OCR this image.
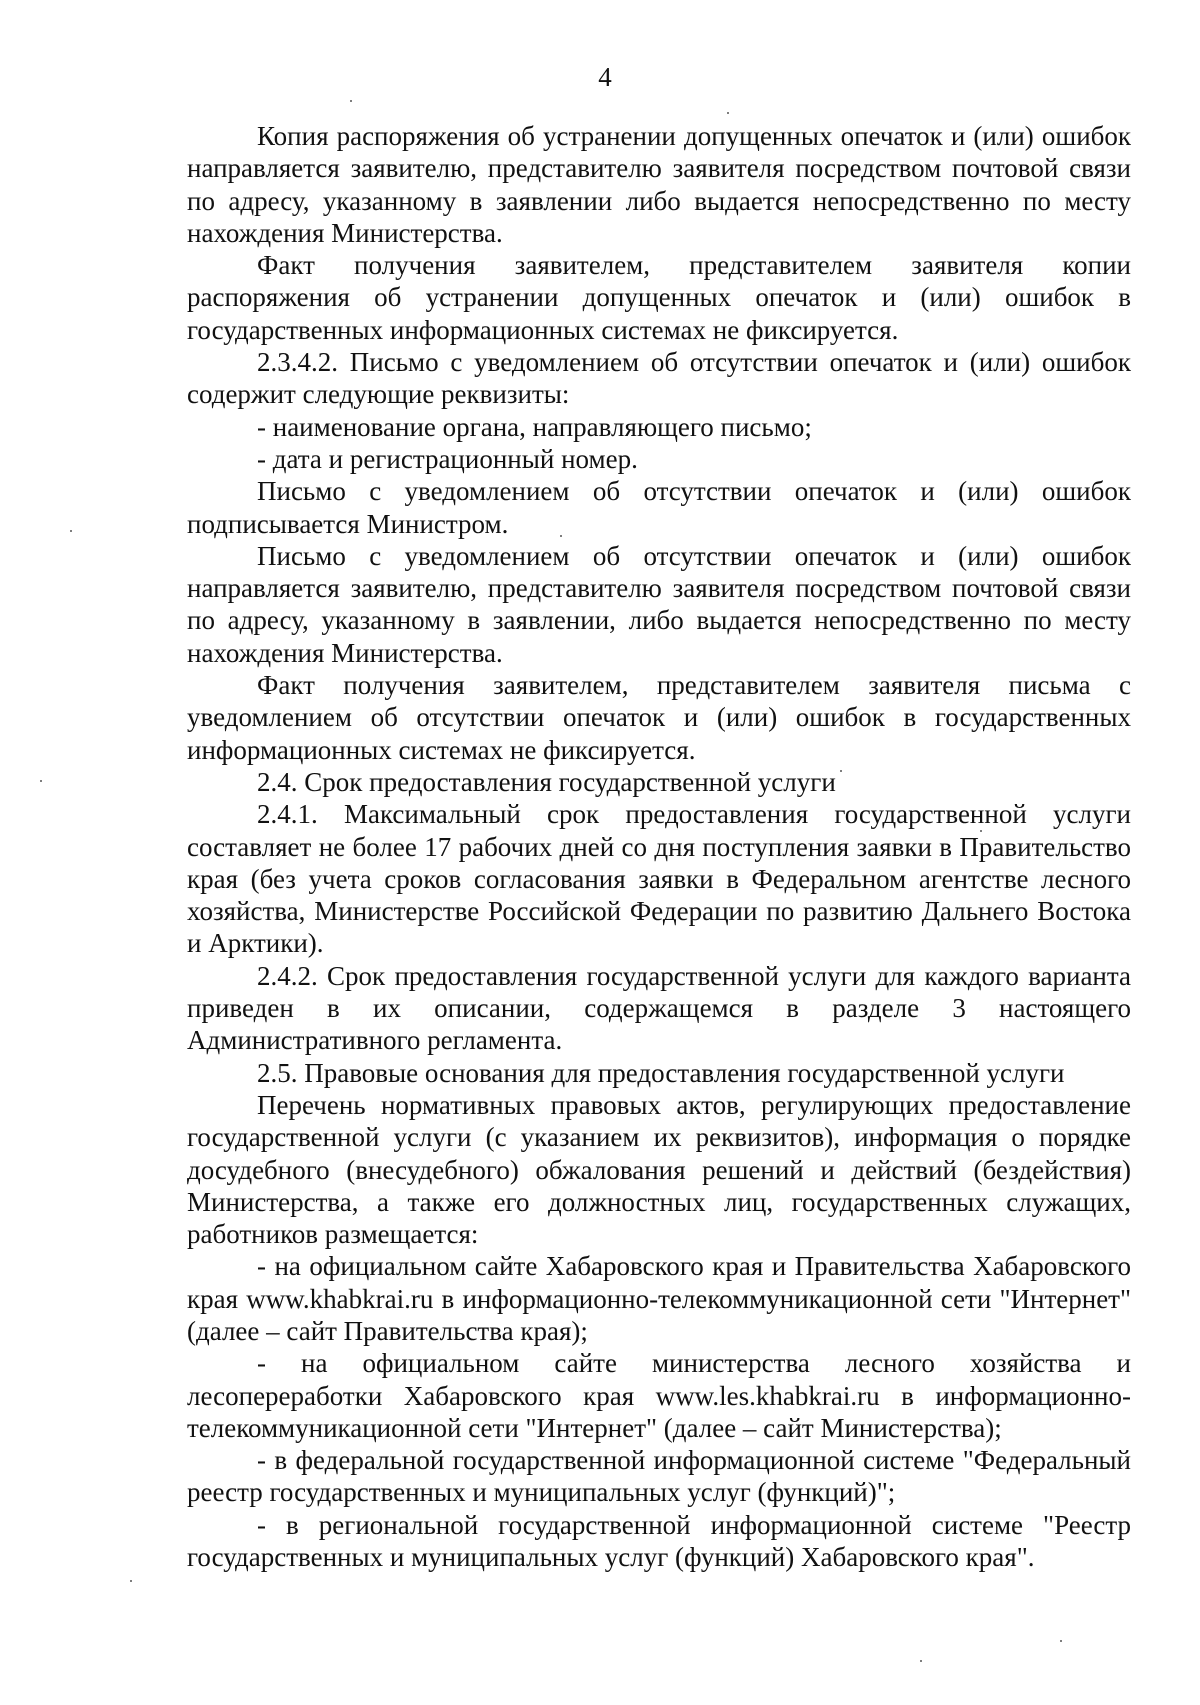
4

Копия распоряжения об устранении допущенных опечаток и (или) ошибок направляется заявителю, представителю заявителя посредством почтовой связи по адресу, указанному в заявлении либо выдается непосредственно по месту нахождения Министерства.

Факт получения заявителем, представителем заявителя копии распоряжения об устранении допущенных опечаток и (или) ошибок в государственных информационных системах не фиксируется.

2.3.4.2. Письмо с уведомлением об отсутствии опечаток и (или) ошибок содержит следующие реквизиты:

- наименование органа, направляющего письмо;

- дата и регистрационный номер.

Письмо с уведомлением об отсутствии опечаток и (или) ошибок подписывается Министром.

Письмо с уведомлением об отсутствии опечаток и (или) ошибок направляется заявителю, представителю заявителя посредством почтовой связи по адресу, указанному в заявлении, либо выдается непосредственно по месту нахождения Министерства.

Факт получения заявителем, представителем заявителя письма с уведомлением об отсутствии опечаток и (или) ошибок в государственных информационных системах не фиксируется.

2.4. Срок предоставления государственной услуги

2.4.1. Максимальный срок предоставления государственной услуги составляет не более 17 рабочих дней со дня поступления заявки в Правительство края (без учета сроков согласования заявки в Федеральном агентстве лесного хозяйства, Министерстве Российской Федерации по развитию Дальнего Востока и Арктики).

2.4.2. Срок предоставления государственной услуги для каждого варианта приведен в их описании, содержащемся в разделе 3 настоящего Административного регламента.

2.5. Правовые основания для предоставления государственной услуги

Перечень нормативных правовых актов, регулирующих предоставление государственной услуги (с указанием их реквизитов), информация о порядке досудебного (внесудебного) обжалования решений и действий (бездействия) Министерства, а также его должностных лиц, государственных служащих, работников размещается:

- на официальном сайте Хабаровского края и Правительства Хабаровского края www.khabkrai.ru в информационно-телекоммуникационной сети "Интернет" (далее – сайт Правительства края);

- на официальном сайте министерства лесного хозяйства и лесопереработки Хабаровского края www.les.khabkrai.ru в информационно-телекоммуникационной сети "Интернет" (далее – сайт Министерства);

- в федеральной государственной информационной системе "Федеральный реестр государственных и муниципальных услуг (функций)";

- в региональной государственной информационной системе "Реестр государственных и муниципальных услуг (функций) Хабаровского края".
